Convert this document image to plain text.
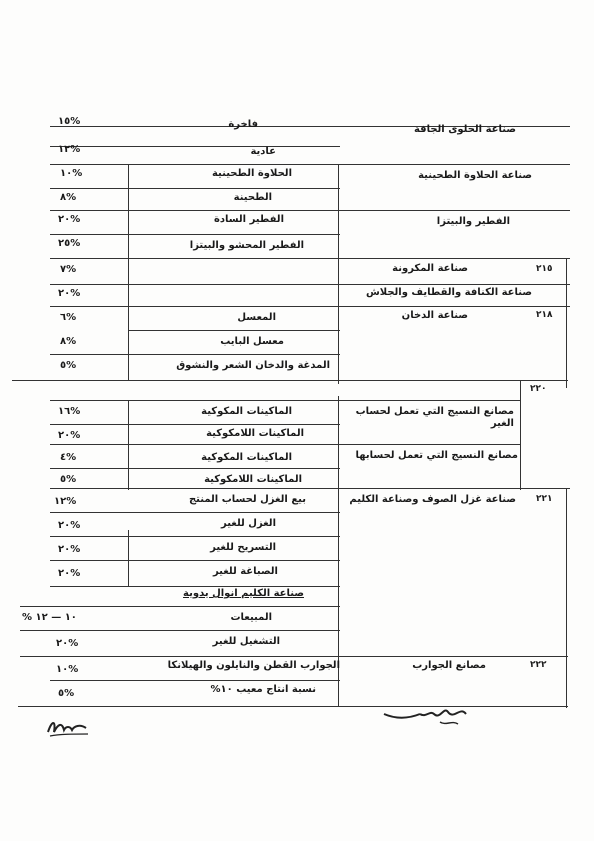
صناعة الحلوى الجافة
فاخرة
%١٥
عادية
%١٢
صناعة الحلاوة الطحينية
الحلاوة الطحينية
%١٠
الطحينة
%٨
الفطير والبيتزا
الفطير السادة
%٢٠
الفطير المحشو والبيتزا
%٢٥
٢١٥
صناعة المكرونة
%٧
صناعة الكنافة والقطايف والجلاش
%٢٠
٢١٨
صناعة الدخان
المعسل
%٦
معسل البايب
%٨
المدغة والدخان الشعر والنشوق
%٥
٢٢٠
مصانع النسيج التي تعمل لحساب الغير
الماكينات المكوكية
%١٦
الماكينات اللامكوكية
%٢٠
مصانع النسيج التي تعمل لحسابها
الماكينات المكوكية
%٤
الماكينات اللامكوكية
%٥
٢٢١
صناعة غزل الصوف وصناعة الكليم
بيع الغزل لحساب المنتج
%١٢
الغزل للغير
%٢٠
التسريح للغير
%٢٠
الصباغة للغير
%٢٠
صناعة الكليم انوال يدوية
المبيعات
١٠ — ١٢ %
التشغيل للغير
%٢٠
٢٢٢
مصانع الجوارب
الجوارب القطن والنايلون والهيلانكا
%١٠
نسبة انتاج معيب ١٠%
%٥
